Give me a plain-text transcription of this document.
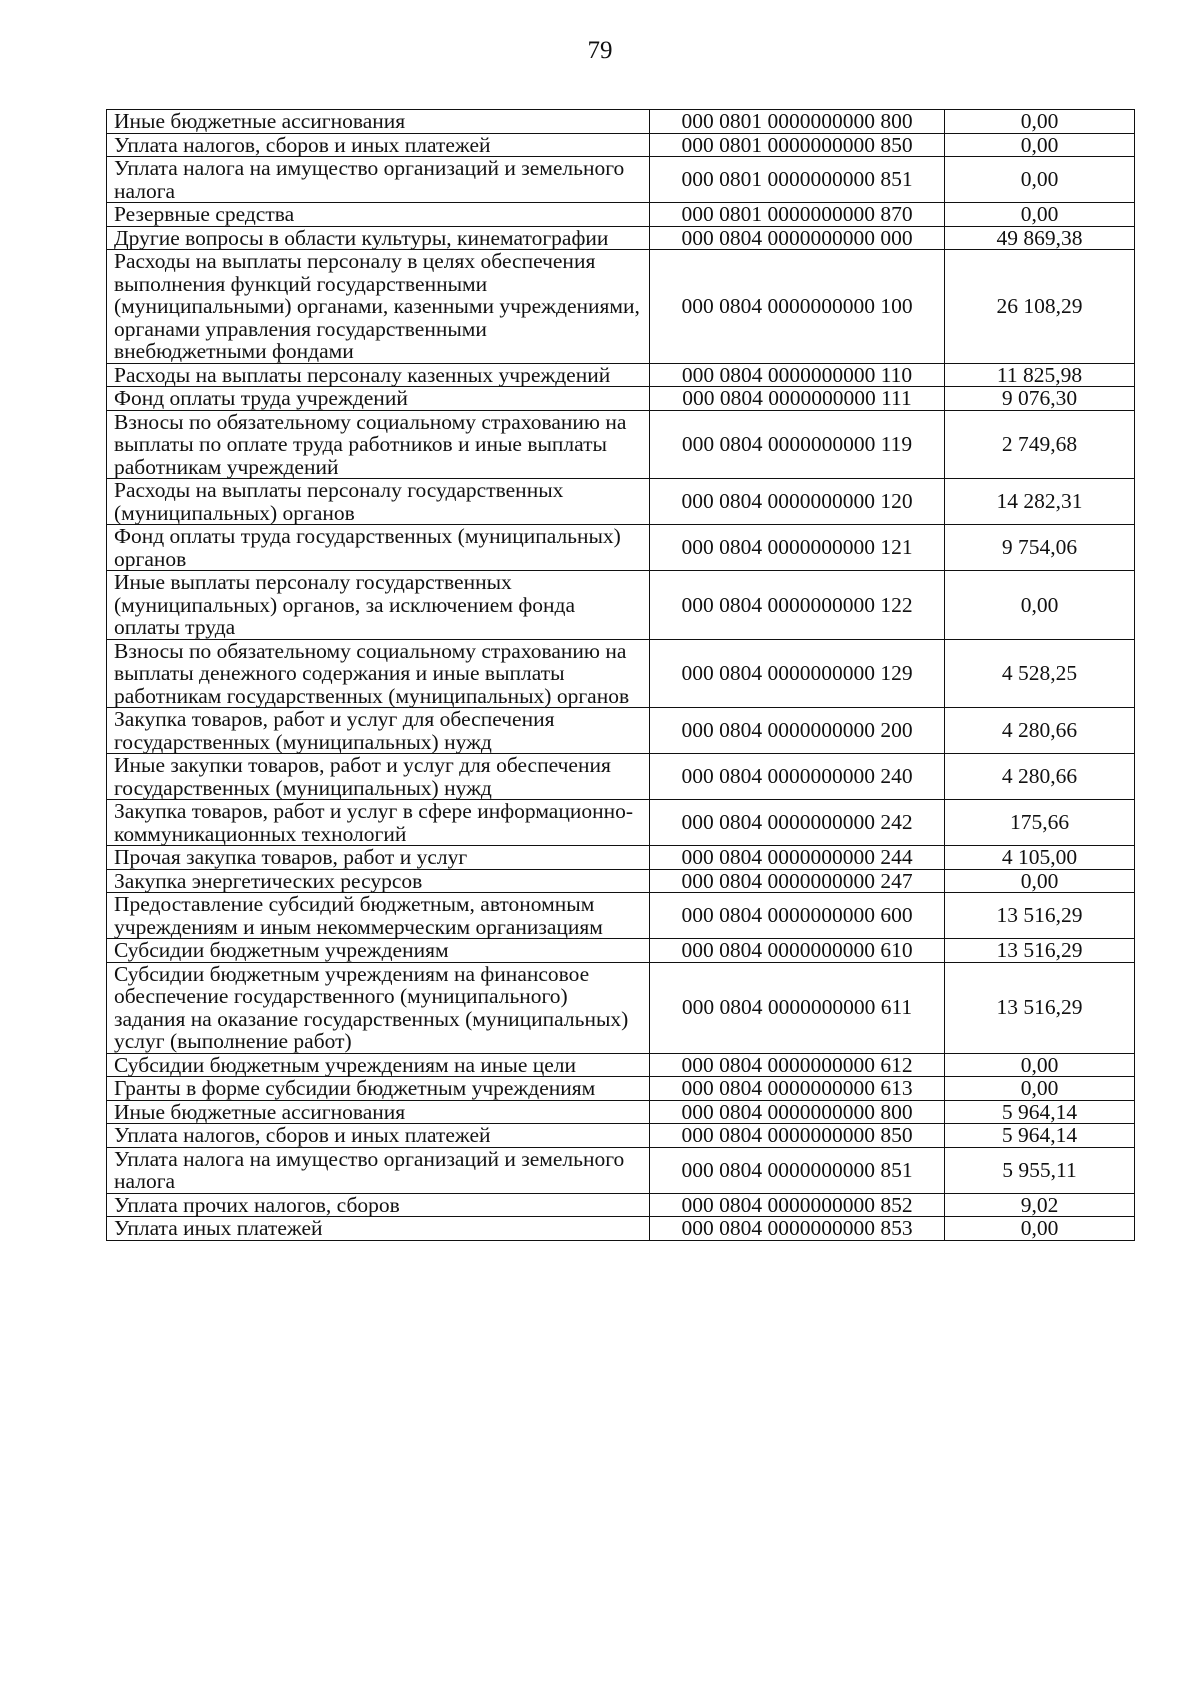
79
Иные бюджетные ассигнования	000 0801 0000000000 800	0,00
Уплата налогов, сборов и иных платежей	000 0801 0000000000 850	0,00
Уплата налога на имущество организаций и земельного налога	000 0801 0000000000 851	0,00
Резервные средства	000 0801 0000000000 870	0,00
Другие вопросы в области культуры, кинематографии	000 0804 0000000000 000	49 869,38
Расходы на выплаты персоналу в целях обеспечения выполнения функций государственными (муниципальными) органами, казенными учреждениями, органами управления государственными внебюджетными фондами	000 0804 0000000000 100	26 108,29
Расходы на выплаты персоналу казенных учреждений	000 0804 0000000000 110	11 825,98
Фонд оплаты труда учреждений	000 0804 0000000000 111	9 076,30
Взносы по обязательному социальному страхованию на выплаты по оплате труда работников и иные выплаты работникам учреждений	000 0804 0000000000 119	2 749,68
Расходы на выплаты персоналу государственных (муниципальных) органов	000 0804 0000000000 120	14 282,31
Фонд оплаты труда государственных (муниципальных) органов	000 0804 0000000000 121	9 754,06
Иные выплаты персоналу государственных (муниципальных) органов, за исключением фонда оплаты труда	000 0804 0000000000 122	0,00
Взносы по обязательному социальному страхованию на выплаты денежного содержания и иные выплаты работникам государственных (муниципальных) органов	000 0804 0000000000 129	4 528,25
Закупка товаров, работ и услуг для обеспечения государственных (муниципальных) нужд	000 0804 0000000000 200	4 280,66
Иные закупки товаров, работ и услуг для обеспечения государственных (муниципальных) нужд	000 0804 0000000000 240	4 280,66
Закупка товаров, работ и услуг в сфере информационно-коммуникационных технологий	000 0804 0000000000 242	175,66
Прочая закупка товаров, работ и услуг	000 0804 0000000000 244	4 105,00
Закупка энергетических ресурсов	000 0804 0000000000 247	0,00
Предоставление субсидий бюджетным, автономным учреждениям и иным некоммерческим организациям	000 0804 0000000000 600	13 516,29
Субсидии бюджетным учреждениям	000 0804 0000000000 610	13 516,29
Субсидии бюджетным учреждениям на финансовое обеспечение государственного (муниципального) задания на оказание государственных (муниципальных) услуг (выполнение работ)	000 0804 0000000000 611	13 516,29
Субсидии бюджетным учреждениям на иные цели	000 0804 0000000000 612	0,00
Гранты в форме субсидии бюджетным учреждениям	000 0804 0000000000 613	0,00
Иные бюджетные ассигнования	000 0804 0000000000 800	5 964,14
Уплата налогов, сборов и иных платежей	000 0804 0000000000 850	5 964,14
Уплата налога на имущество организаций и земельного налога	000 0804 0000000000 851	5 955,11
Уплата прочих налогов, сборов	000 0804 0000000000 852	9,02
Уплата иных платежей	000 0804 0000000000 853	0,00
